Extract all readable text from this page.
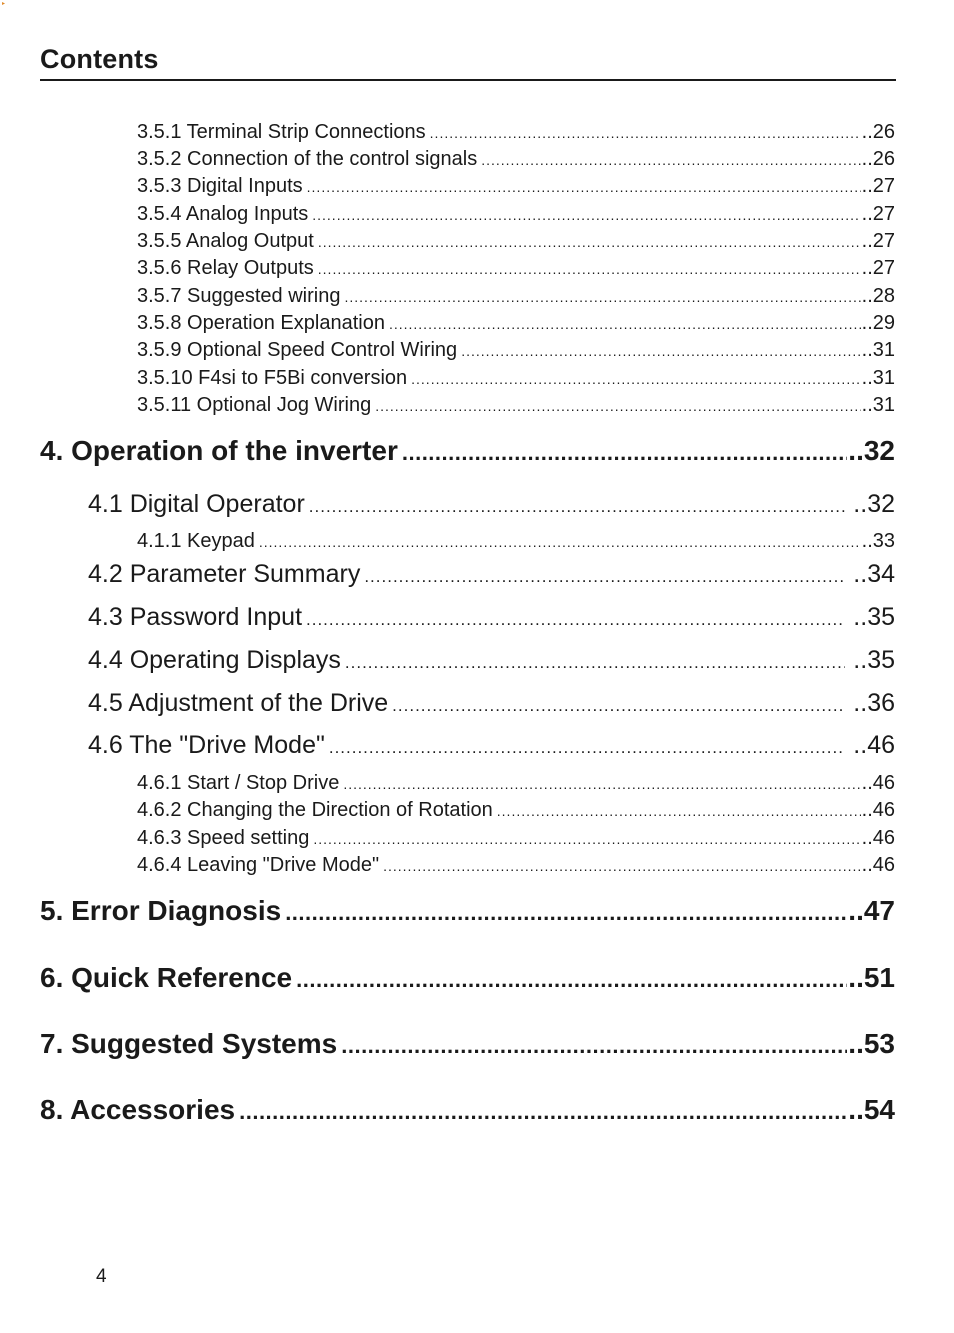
▸
Contents
3.5.1 Terminal Strip Connections .....	..26
3.5.2 Connection of the control signals .....	..26
3.5.3 Digital Inputs .....	..27
3.5.4 Analog Inputs .....	..27
3.5.5 Analog Output .....	..27
3.5.6 Relay Outputs .....	..27
3.5.7 Suggested wiring .....	..28
3.5.8 Operation Explanation .....	..29
3.5.9 Optional Speed Control Wiring .....	..31
3.5.10 F4si to F5Bi conversion .....	..31
3.5.11 Optional Jog Wiring .....	..31
4. Operation of the inverter .....	..32
4.1 Digital Operator .....	..32
4.1.1 Keypad .....	..33
4.2 Parameter Summary .....	..34
4.3 Password Input .....	..35
4.4 Operating Displays .....	..35
4.5 Adjustment of the Drive .....	..36
4.6 The "Drive Mode" .....	..46
4.6.1 Start / Stop Drive .....	..46
4.6.2 Changing the Direction of Rotation .....	..46
4.6.3 Speed setting .....	..46
4.6.4 Leaving "Drive Mode" .....	..46
5. Error Diagnosis .....	..47
6. Quick Reference .....	..51
7. Suggested Systems .....	..53
8. Accessories .....	..54
4
